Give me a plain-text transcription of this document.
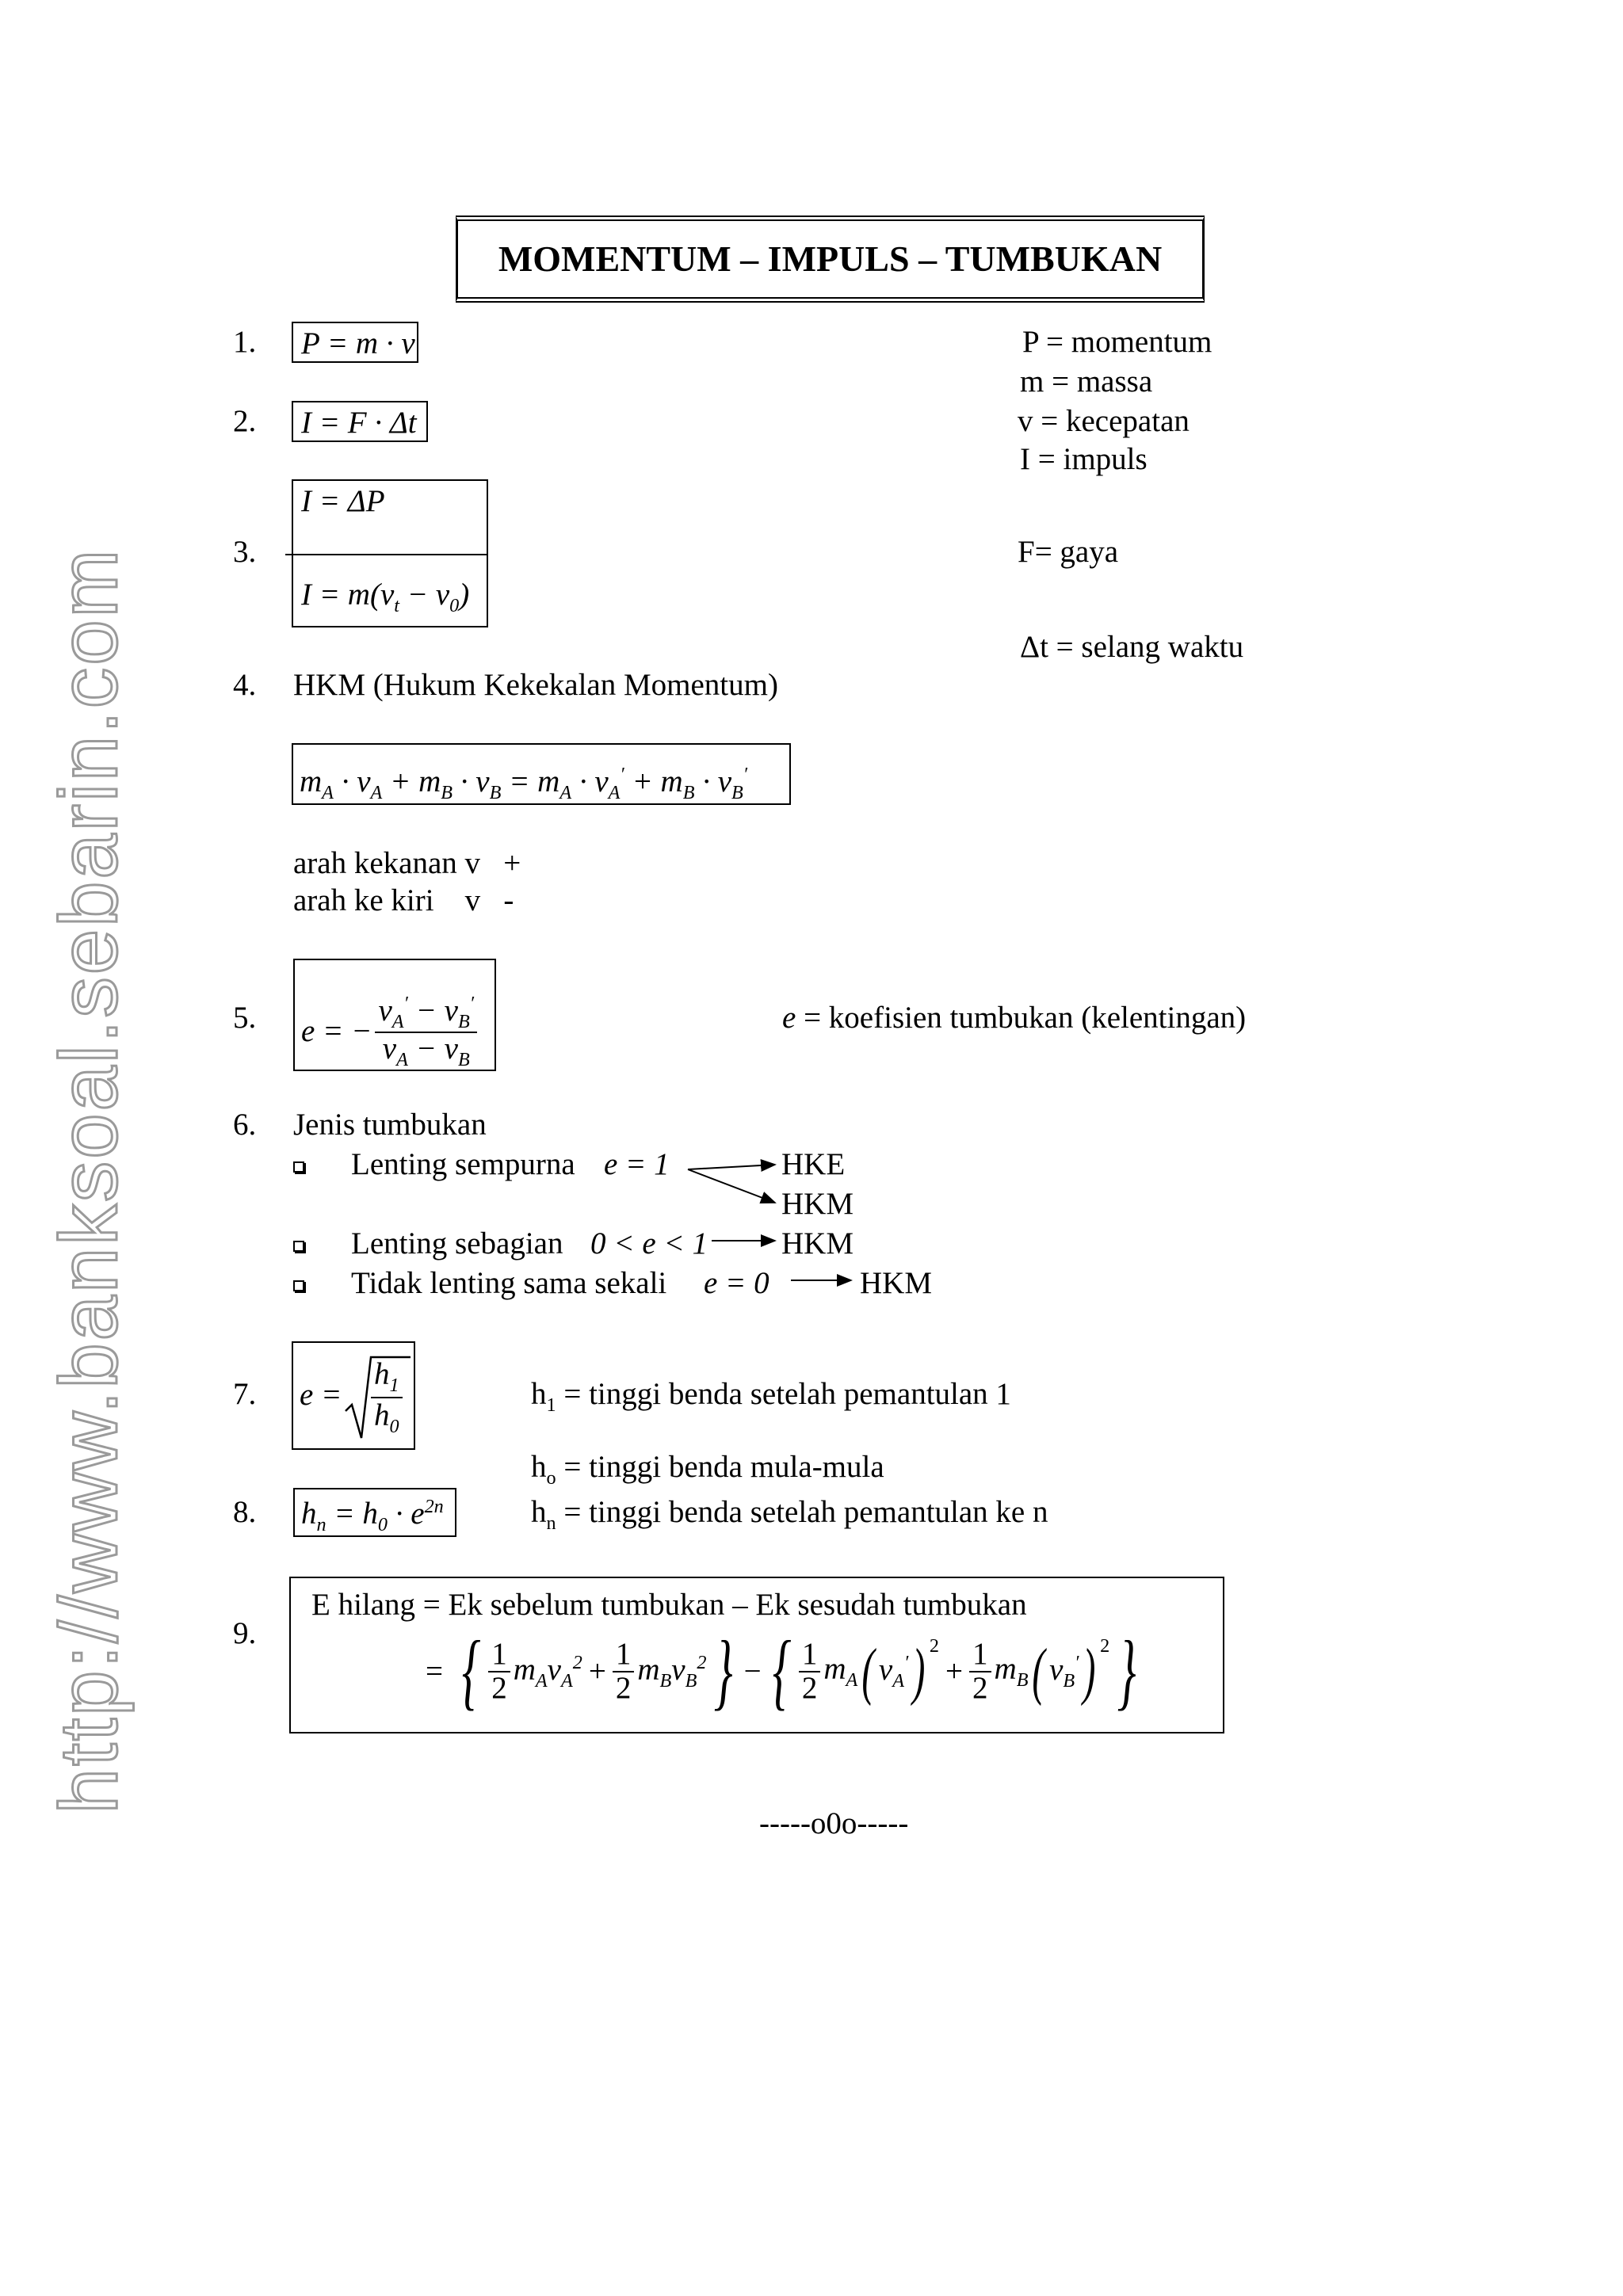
http://www.banksoal.sebarin.com
MOMENTUM – IMPULS – TUMBUKAN
1.
2.
3.
4.
5.
6.
7.
8.
9.
P = m · v
I = F · Δt
I = ΔP
$I = m(v_t - v_0)$
P = momentum
m = massa
v = kecepatan
I = impuls
F= gaya
Δt = selang waktu
HKM (Hukum Kekekalan Momentum)
$m_A \cdot v_A + m_B \cdot v_B = m_A \cdot v_A' + m_B \cdot v_B'$
arah kekanan v   +
arah ke kiri    v   -
e = − $\frac{v_A' - v_B'}{v_A - v_B}$	e = koefisien tumbukan (kelentingan)
Jenis tumbukan
Lenting sempurna e = 1	HKE
HKM
Lenting sebagian 0 < e < 1 HKM
Tidak lenting sama sekali e = 0	HKM
e =
$h_1$
$h_0$
$h_1$ = tinggi benda setelah pemantulan 1
$h_o$ = tinggi benda mula-mula
$h_n = h_0 \cdot e^{2n}$	$h_n$ = tinggi benda setelah pemantulan ke n
E hilang = Ek sebelum tumbukan – Ek sesudah tumbukan
= { $\frac{1}{2} m_Av_A^2 + \frac{1}{2} m_Bv_B^2$ } − { $\frac{1}{2} m_A$ ( $v_A'$ )$^2$
+ $\frac{1}{2} m_B$ ( $v_B'$ )$^2$ }
-----o0o-----
